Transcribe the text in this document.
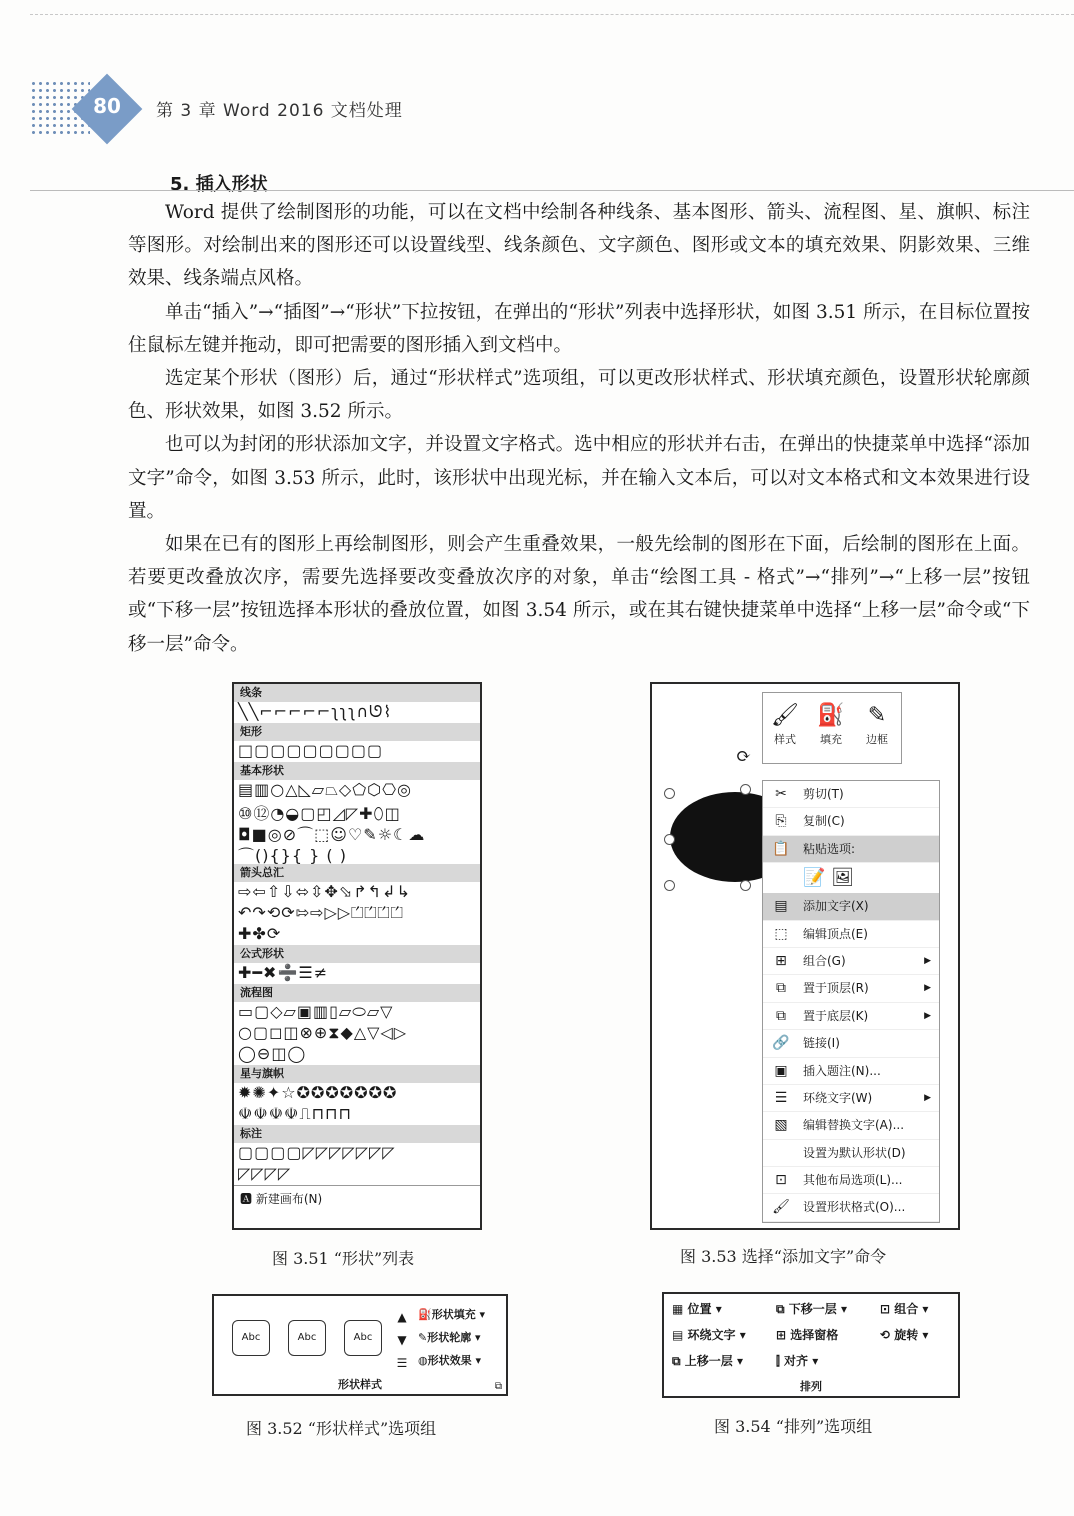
80	第 3 章 Word 2016 文档处理
5. 插入形状

Word 提供了绘制图形的功能，可以在文档中绘制各种线条、基本图形、箭头、流程图、星、旗帜、标注等图形。对绘制出来的图形还可以设置线型、线条颜色、文字颜色、图形或文本的填充效果、阴影效果、三维效果、线条端点风格。

单击“插入”→“插图”→“形状”下拉按钮，在弹出的“形状”列表中选择形状，如图 3.51 所示，在目标位置按住鼠标左键并拖动，即可把需要的图形插入到文档中。

选定某个形状（图形）后，通过“形状样式”选项组，可以更改形状样式、形状填充颜色，设置形状轮廓颜色、形状效果，如图 3.52 所示。

也可以为封闭的形状添加文字，并设置文字格式。选中相应的形状并右击，在弹出的快捷菜单中选择“添加文字”命令，如图 3.53 所示，此时，该形状中出现光标，并在输入文本后，可以对文本格式和文本效果进行设置。

如果在已有的图形上再绘制图形，则会产生重叠效果，一般先绘制的图形在下面，后绘制的图形在上面。若要更改叠放次序，需要先选择要改变叠放次序的对象，单击“绘图工具 - 格式”→“排列”→“上移一层”按钮或“下移一层”按钮选择本形状的叠放位置，如图 3.54 所示，或在其右键快捷菜单中选择“上移一层”命令或“下移一层”命令。

线条
╲╲⌐⌐⌐⌐⌐ʅʅʅ∩ᘎ⌇
矩形
□▢▢▢▢▢▢▢▢
基本形状
▤▥○△◺▱⏢◇⬠⬡⎔◎
⑩⑫◔◒▢◰◿◸✚⬯◫
◘■◎⊘⌒⬚☺♡✎☼☾☁
⌒(){}{ } ( )
箭头总汇
⇨⇦⇧⇩⬄⇳✥⬂↱↰↲↳
↶↷⟲⟳⇰⇨▷▷⏍⏍⏍⏍
✚✤⟳
公式形状
✚━✖➗☰≠
流程图
▭▢◇▱▣▥▯▱⬭▱▽
○▢◻◫⊗⊕⧗◆△▽◁▷
◯⊖◫◯
星与旗帜
✹✺✦☆✪✪✪✪✪✪✪
☫☫☫☫⎍⊓⊓⊓
标注
▢▢▢▢◸◸◸◸◸◸◸
◸◸◸◸
🅰 新建画布(N)
图 3.51 “形状”列表
🖌
样式
⛽
填充
✎
边框
⟳
✂	剪切(T)
⎘	复制(C)
📋 粘贴选项:
📝 🖼
▤	添加文字(X)
⬚	编辑顶点(E)
⊞	组合(G)	▶
⧉	置于顶层(R)	▶
⧉	置于底层(K)	▶
🔗 链接(I)
▣	插入题注(N)...
☰	环绕文字(W)	▶
▧	编辑替换文字(A)...
设置为默认形状(D)
⊡	其他布局选项(L)...
🖌 设置形状格式(O)...
图 3.53 选择“添加文字”命令
Abc	Abc	Abc
▲
▼
☰
⛽形状填充 ▾
✎形状轮廓 ▾
◍形状效果 ▾
形状样式	⧉
图 3.52 “形状样式”选项组
▦ 位置 ▾
▤ 环绕文字 ▾
⧉ 上移一层 ▾
⧉ 下移一层 ▾
⊞ 选择窗格
⫿ 对齐 ▾
⊡ 组合 ▾
⟲ 旋转 ▾
排列
图 3.54 “排列”选项组
